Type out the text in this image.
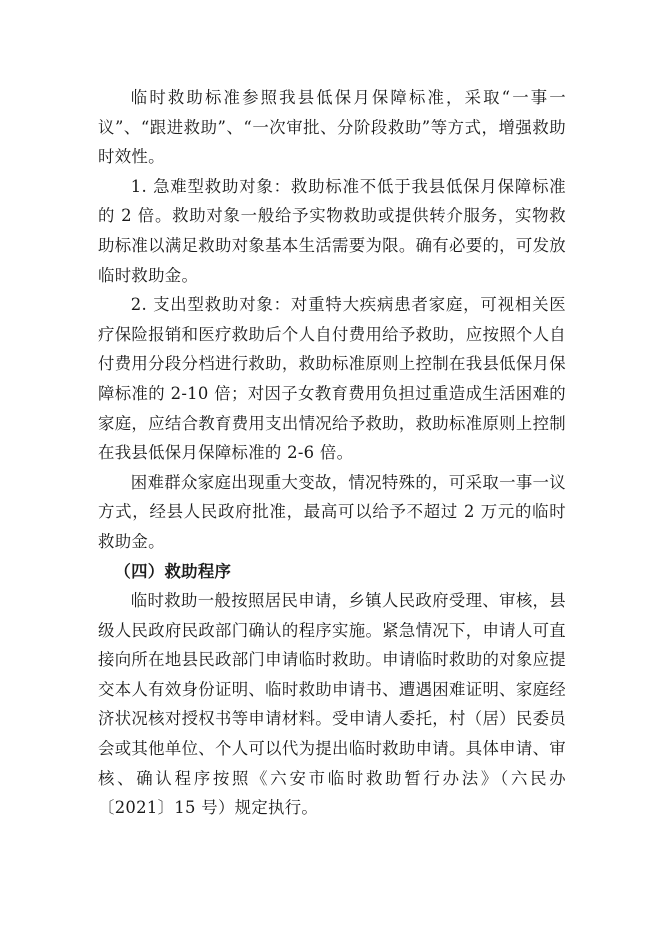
临时救助标准参照我县低保月保障标准，采取“一事一议”、“跟进救助”、“一次审批、分阶段救助”等方式，增强救助时效性。

1. 急难型救助对象：救助标准不低于我县低保月保障标准的 2 倍。救助对象一般给予实物救助或提供转介服务，实物救助标准以满足救助对象基本生活需要为限。确有必要的，可发放临时救助金。

2. 支出型救助对象：对重特大疾病患者家庭，可视相关医疗保险报销和医疗救助后个人自付费用给予救助，应按照个人自付费用分段分档进行救助，救助标准原则上控制在我县低保月保障标准的 2-10 倍；对因子女教育费用负担过重造成生活困难的家庭，应结合教育费用支出情况给予救助，救助标准原则上控制在我县低保月保障标准的 2-6 倍。

困难群众家庭出现重大变故，情况特殊的，可采取一事一议方式，经县人民政府批准，最高可以给予不超过 2 万元的临时救助金。

（四）救助程序

临时救助一般按照居民申请，乡镇人民政府受理、审核，县级人民政府民政部门确认的程序实施。紧急情况下，申请人可直接向所在地县民政部门申请临时救助。申请临时救助的对象应提交本人有效身份证明、临时救助申请书、遭遇困难证明、家庭经济状况核对授权书等申请材料。受申请人委托，村（居）民委员会或其他单位、个人可以代为提出临时救助申请。具体申请、审核、确认程序按照《六安市临时救助暂行办法》（六民办〔2021〕15 号）规定执行。
